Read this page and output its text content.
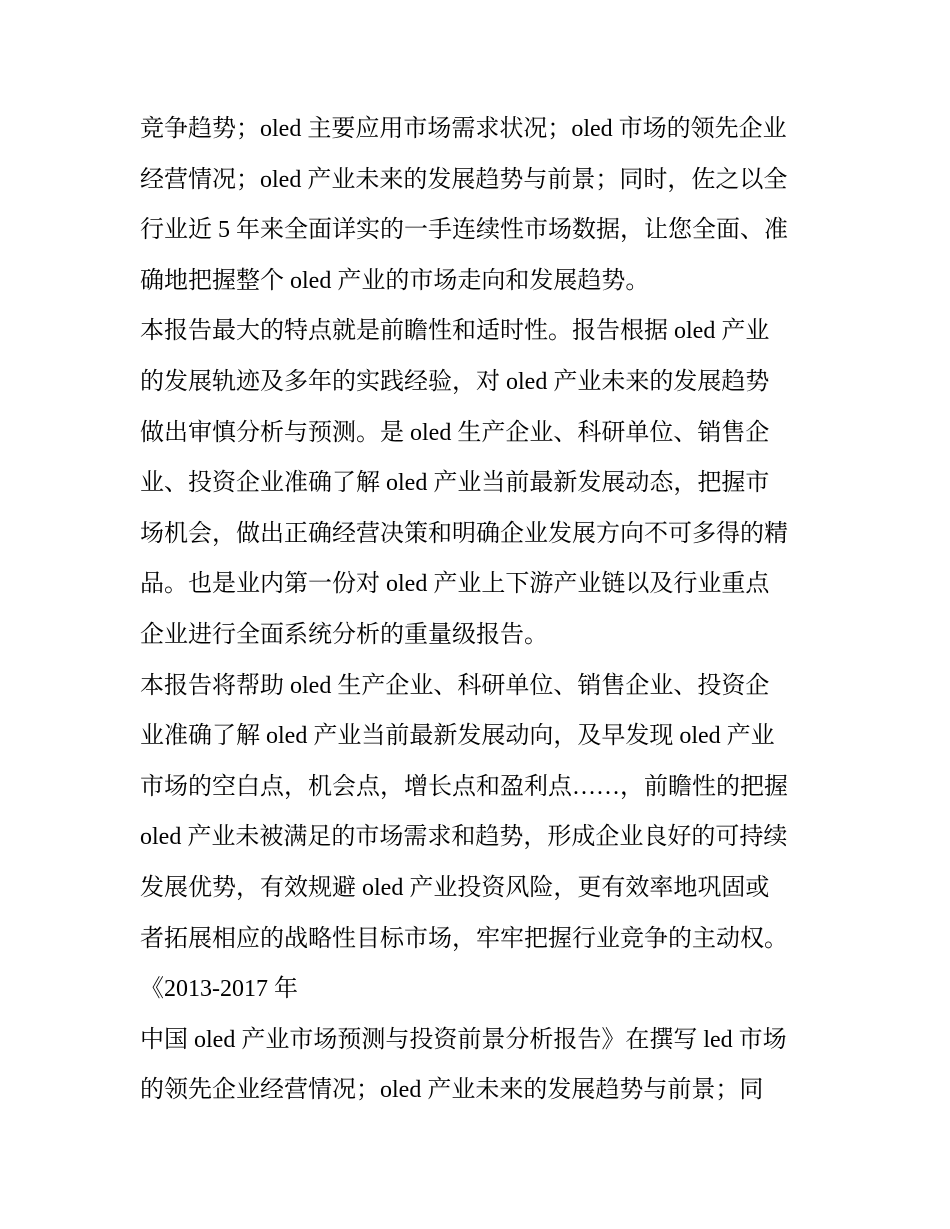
竞争趋势；oled 主要应用市场需求状况；oled 市场的领先企业
经营情况；oled 产业未来的发展趋势与前景；同时，佐之以全
行业近 5 年来全面详实的一手连续性市场数据，让您全面、准
确地把握整个 oled 产业的市场走向和发展趋势。
本报告最大的特点就是前瞻性和适时性。报告根据 oled 产业
的发展轨迹及多年的实践经验，对 oled 产业未来的发展趋势
做出审慎分析与预测。是 oled 生产企业、科研单位、销售企
业、投资企业准确了解 oled 产业当前最新发展动态，把握市
场机会，做出正确经营决策和明确企业发展方向不可多得的精
品。也是业内第一份对 oled 产业上下游产业链以及行业重点
企业进行全面系统分析的重量级报告。
本报告将帮助 oled 生产企业、科研单位、销售企业、投资企
业准确了解 oled 产业当前最新发展动向，及早发现 oled 产业
市场的空白点，机会点，增长点和盈利点……，前瞻性的把握
oled 产业未被满足的市场需求和趋势，形成企业良好的可持续
发展优势，有效规避 oled 产业投资风险，更有效率地巩固或
者拓展相应的战略性目标市场，牢牢把握行业竞争的主动权。
《2013-2017 年
中国 oled 产业市场预测与投资前景分析报告》在撰写 led 市场
的领先企业经营情况；oled 产业未来的发展趋势与前景；同
